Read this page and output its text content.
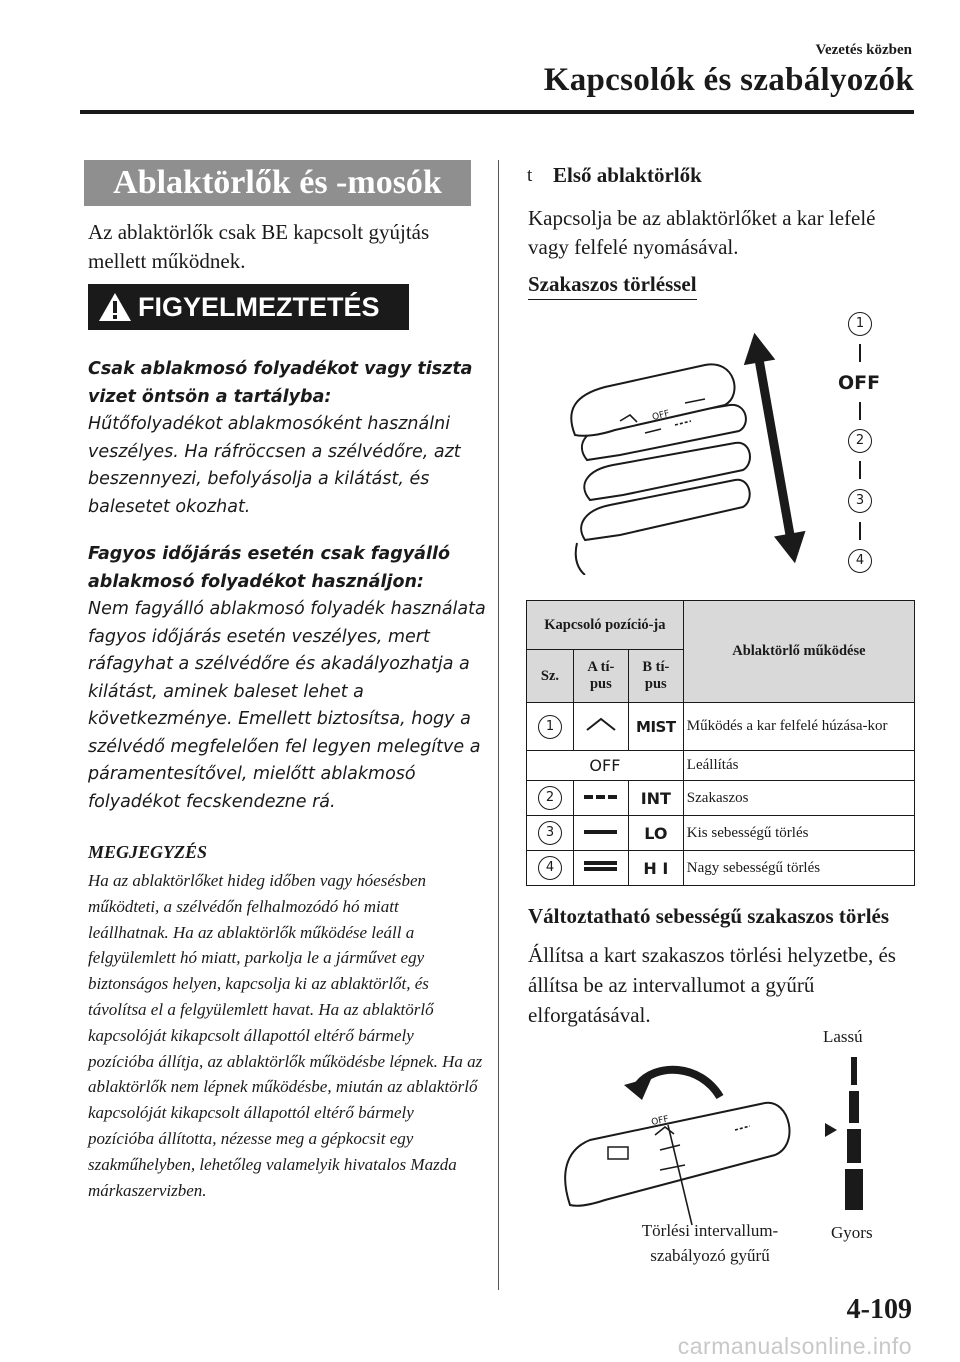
Vezetés közben
Kapcsolók és szabályozók
Ablaktörlők és -mosók
Az ablaktörlők csak BE kapcsolt gyújtás mellett működnek.
FIGYELMEZTETÉS
Csak ablakmosó folyadékot vagy tiszta vizet öntsön a tartályba:
Hűtőfolyadékot ablakmosóként használni veszélyes. Ha ráfröccsen a szélvédőre, azt beszennyezi, befolyásolja a kilátást, és balesetet okozhat.
Fagyos időjárás esetén csak fagyálló ablakmosó folyadékot használjon:
Nem fagyálló ablakmosó folyadék használata fagyos időjárás esetén veszélyes, mert ráfagyhat a szélvédőre és akadályozhatja a kilátást, aminek baleset lehet a következménye. Emellett biztosítsa, hogy a szélvédő megfelelően fel legyen melegítve a páramentesítővel, mielőtt ablakmosó folyadékot fecskendezne rá.
MEGJEGYZÉS
Ha az ablaktörlőket hideg időben vagy hóesésben működteti, a szélvédőn felhalmozódó hó miatt leállhatnak. Ha az ablaktörlők működése leáll a felgyülemlett hó miatt, parkolja le a járművet egy biztonságos helyen, kapcsolja ki az ablaktörlőt, és távolítsa el a felgyülemlett havat. Ha az ablaktörlő kapcsolóját kikapcsolt állapottól eltérő bármely pozícióba állítja, az ablaktörlők működésbe lépnek. Ha az ablaktörlők nem lépnek működésbe, miután az ablaktörlő kapcsolóját kikapcsolt állapottól eltérő bármely pozícióba állította, nézesse meg a gépkocsit egy szakműhelyben, lehetőleg valamelyik hivatalos Mazda márkaszervizben.
t Első ablaktörlők
Kapcsolja be az ablaktörlőket a kar lefelé vagy felfelé nyomásával.
Szakaszos törléssel
OFF
1
OFF
2
3
4
Kapcsoló pozíció-ja			Ablaktörlő működése
Sz.	A tí-pus	B tí-pus	
1		MIST	Működés a kar felfelé húzása-kor
OFF			Leállítás
2		INT	Szakaszos
3		LO	Kis sebességű törlés
4		H I	Nagy sebességű törlés
Változtatható sebességű szakaszos törlés
Állítsa a kart szakaszos törlési helyzetbe, és állítsa be az intervallumot a gyűrű elforgatásával.
OFF
Lassú
Gyors
Törlési intervallum-szabályozó gyűrű
4-109
carmanualsonline.info
